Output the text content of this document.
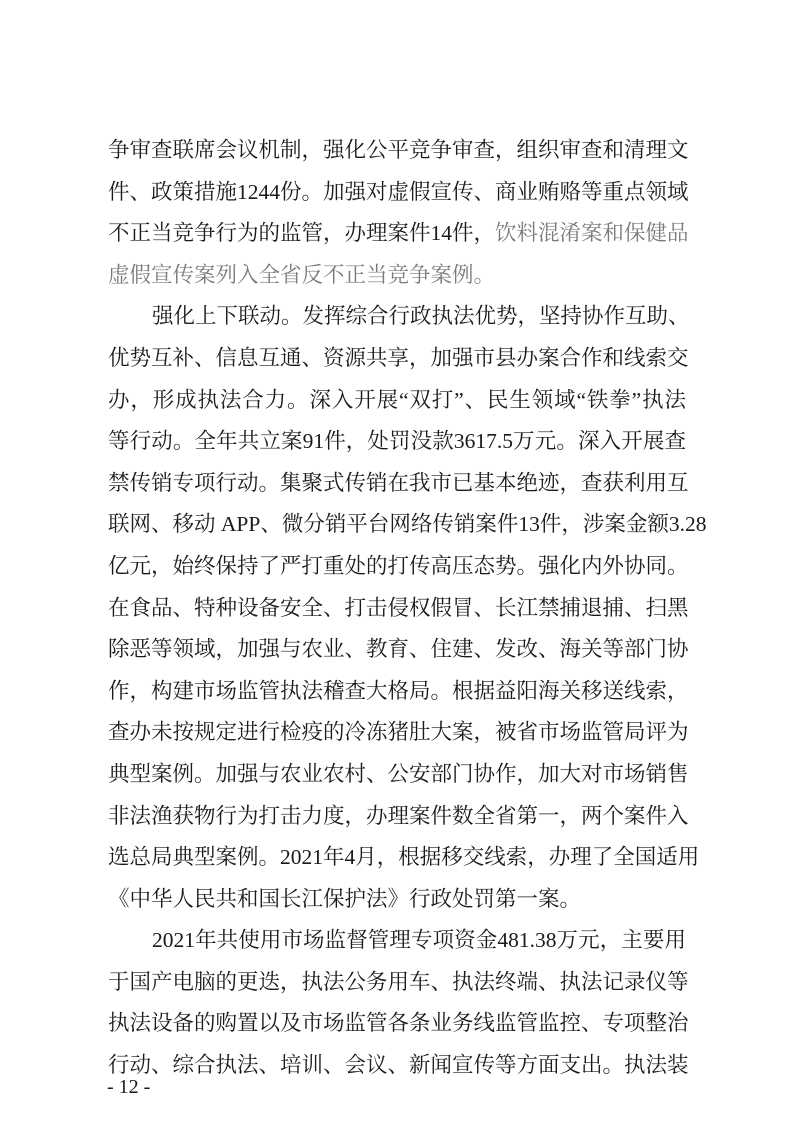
争审查联席会议机制，强化公平竞争审查，组织审查和清理文
件、政策措施1244份。加强对虚假宣传、商业贿赂等重点领域
不正当竞争行为的监管，办理案件14件，饮料混淆案和保健品
虚假宣传案列入全省反不正当竞争案例。
强化上下联动。发挥综合行政执法优势，坚持协作互助、
优势互补、信息互通、资源共享，加强市县办案合作和线索交
办，形成执法合力。深入开展“双打”、民生领域“铁拳”执法
等行动。全年共立案91件，处罚没款3617.5万元。深入开展查
禁传销专项行动。集聚式传销在我市已基本绝迹，查获利用互
联网、移动 APP、微分销平台网络传销案件13件，涉案金额3.28
亿元，始终保持了严打重处的打传高压态势。强化内外协同。
在食品、特种设备安全、打击侵权假冒、长江禁捕退捕、扫黑
除恶等领域，加强与农业、教育、住建、发改、海关等部门协
作，构建市场监管执法稽查大格局。根据益阳海关移送线索，
查办未按规定进行检疫的冷冻猪肚大案，被省市场监管局评为
典型案例。加强与农业农村、公安部门协作，加大对市场销售
非法渔获物行为打击力度，办理案件数全省第一，两个案件入
选总局典型案例。2021年4月，根据移交线索，办理了全国适用
《中华人民共和国长江保护法》行政处罚第一案。
2021年共使用市场监督管理专项资金481.38万元，主要用
于国产电脑的更迭，执法公务用车、执法终端、执法记录仪等
执法设备的购置以及市场监管各条业务线监管监控、专项整治
行动、综合执法、培训、会议、新闻宣传等方面支出。执法装
- 12 -
